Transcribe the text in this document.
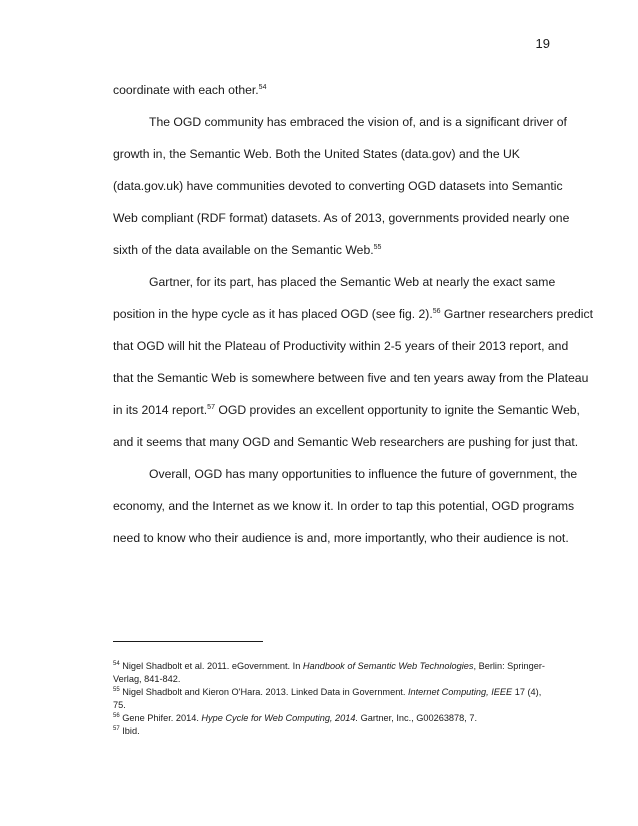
19
coordinate with each other.$^{54}$
The OGD community has embraced the vision of, and is a significant driver of
growth in, the Semantic Web. Both the United States (data.gov) and the UK
(data.gov.uk) have communities devoted to converting OGD datasets into Semantic
Web compliant (RDF format) datasets. As of 2013, governments provided nearly one
sixth of the data available on the Semantic Web.$^{55}$
Gartner, for its part, has placed the Semantic Web at nearly the exact same
position in the hype cycle as it has placed OGD (see fig. 2).$^{56}$ Gartner researchers predict
that OGD will hit the Plateau of Productivity within 2-5 years of their 2013 report, and
that the Semantic Web is somewhere between five and ten years away from the Plateau
in its 2014 report.$^{57}$ OGD provides an excellent opportunity to ignite the Semantic Web,
and it seems that many OGD and Semantic Web researchers are pushing for just that.
Overall, OGD has many opportunities to influence the future of government, the
economy, and the Internet as we know it. In order to tap this potential, OGD programs
need to know who their audience is and, more importantly, who their audience is not.

$^{54}$ Nigel Shadbolt et al. 2011. eGovernment. In Handbook of Semantic Web Technologies, Berlin: Springer-Verlag, 841-842.

$^{55}$ Nigel Shadbolt and Kieron O'Hara. 2013. Linked Data in Government. Internet Computing, IEEE 17 (4), 75.

$^{56}$ Gene Phifer. 2014. Hype Cycle for Web Computing, 2014. Gartner, Inc., G00263878, 7.

$^{57}$ Ibid.
